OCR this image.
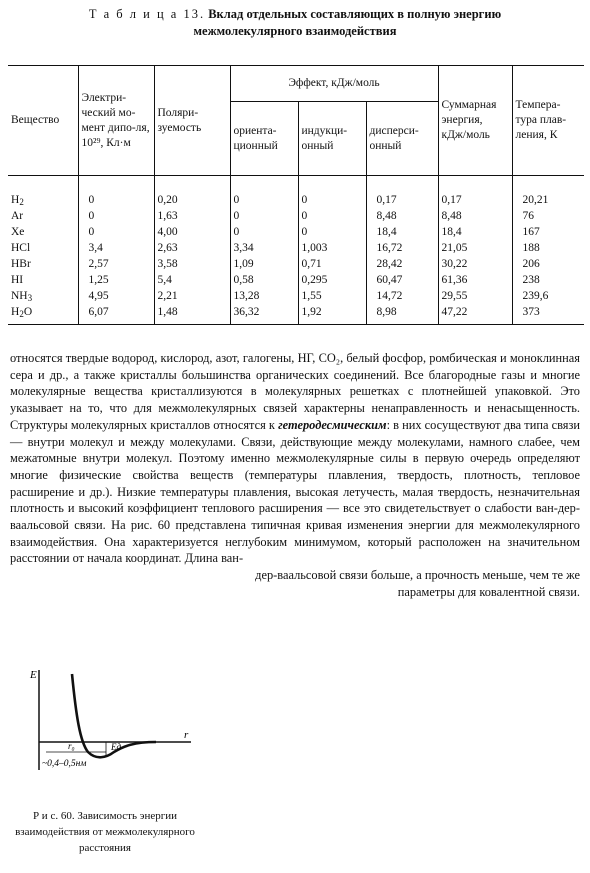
Т а б л и ц а 13. Вклад отдельных составляющих в полную энергию
межмолекулярного взаимодействия
Вещество	Электри-ческий мо-мент дипо-ля, 10²⁹, Кл·м	Поляри-зуемость	Эффект, кДж/моль			Суммарная энергия, кДж/моль	Темпера-тура плав-ления, К
			ориента-ционный	индукци-онный	дисперси-онный		
H2	0	0,20	0	0	0,17	0,17	20,21
Ar	0	1,63	0	0	8,48	8,48	76
Xe	0	4,00	0	0	18,4	18,4	167
HCl	3,4	2,63	3,34	1,003	16,72	21,05	188
HBr	2,57	3,58	1,09	0,71	28,42	30,22	206
HI	1,25	5,4	0,58	0,295	60,47	61,36	238
NH3	4,95	2,21	13,28	1,55	14,72	29,55	239,6
H2O	6,07	1,48	36,32	1,92	8,98	47,22	373

относятся твердые водород, кислород, азот, галогены, НГ, СО₂, белый фосфор, ромбическая и моноклинная сера и др., а также кристаллы большинства органических соединений. Все благородные газы и многие молекулярные вещества кристаллизуются в молекулярных решетках с плотнейшей упаковкой. Это указывает на то, что для межмолекулярных связей характерны ненаправленность и ненасыщенность. Структуры молекулярных кристаллов относятся к гетеродесмическим: в них сосуществуют два типа связи — внутри молекул и между молекулами. Связи, действующие между молекулами, намного слабее, чем межатомные внутри молекул. Поэтому именно межмолекулярные силы в первую очередь определяют многие физические свойства веществ (температуры плавления, твердость, плотность, тепловое расширение и др.). Низкие температуры плавления, высокая летучесть, малая твердость, незначительная плотность и высокий коэффициент теплового расширения — все это свидетельствует о слабости ван-дер-ваальсовой связи. На рис. 60 представлена типичная кривая изменения энергии для межмолекулярного взаимодействия. Она характеризуется неглубоким минимумом, который расположен на значительном расстоянии от начала координат. Длина ван-

дер-ваальсовой связи больше, а прочность меньше, чем те же параметры для ковалентной связи.

E
r
r₀	Eд
~0,4–0,5нм
Р и с. 60. Зависимость энергии взаимодействия от межмолекулярного расстояния
